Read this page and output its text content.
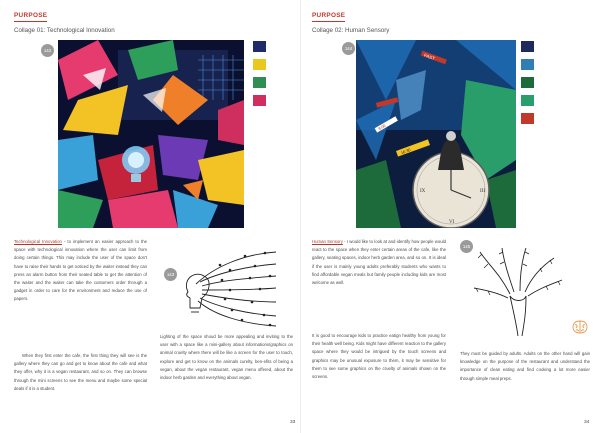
PURPOSE
Collage 01: Technological Innovation
142
Technological Innovation - to implement an easier approach to the space with technological innovation where the user can limit from doing certain things. This may include the user of the space don't have to raise their hands to get noticed by the waiter instead they can press an alarm button from their seated table to get the attention of the waiter and the waiter can take the customers order through a gadget in order to care for the environment and reduce the use of papers.
When they first enter the cafe, the first thing they will see is the gallery where they can go and get to know about the cafe and what they offer, why it is a vegan restaurant, and so on. They can browse through the mini screens to see the menu and maybe some special deals if it is a student.
143
Lighting of the space shoud be more appealing and inviting to the user with a space like a mini-gallery about informations/graphics on animal cruelty where there will be like a screen for the user to touch, explore and get to know on the animals curelty, ben-efits of being a vegan, about the vegan restaurant, vegan menu offered, about the indoor herb garden and everything about vegan.
33
PURPOSE
Collage 02: Human Sensory
FAST
III
IX
VI
16:30
8:00
144
Human Sensory - I would like to look at and identify how people would react to the space when they enter certain areas of the cafe, like the gallery, seating spaces, indoor herb garden area, and so on. It is ideal if the user is mainly young adults preferably students who wants to find affordable vegan meals but family people including kids are most welcome as well.
It is good to encourage kids to practice eatign healthy from young for their health well being. Kids might have different reaction to the gallery space where they would be intrigued by the touch screens and graphics may be unusual exposure to them, it may be sensitive for them to see some graphics on the cruelty of animals shown on the screens.
145
They must be guided by adults. Adults on the other hand will gain knowledge on the purpose of the restaurant and understand the importance of clean eating and find cooking a lot more easier through simple meal preps.
34
